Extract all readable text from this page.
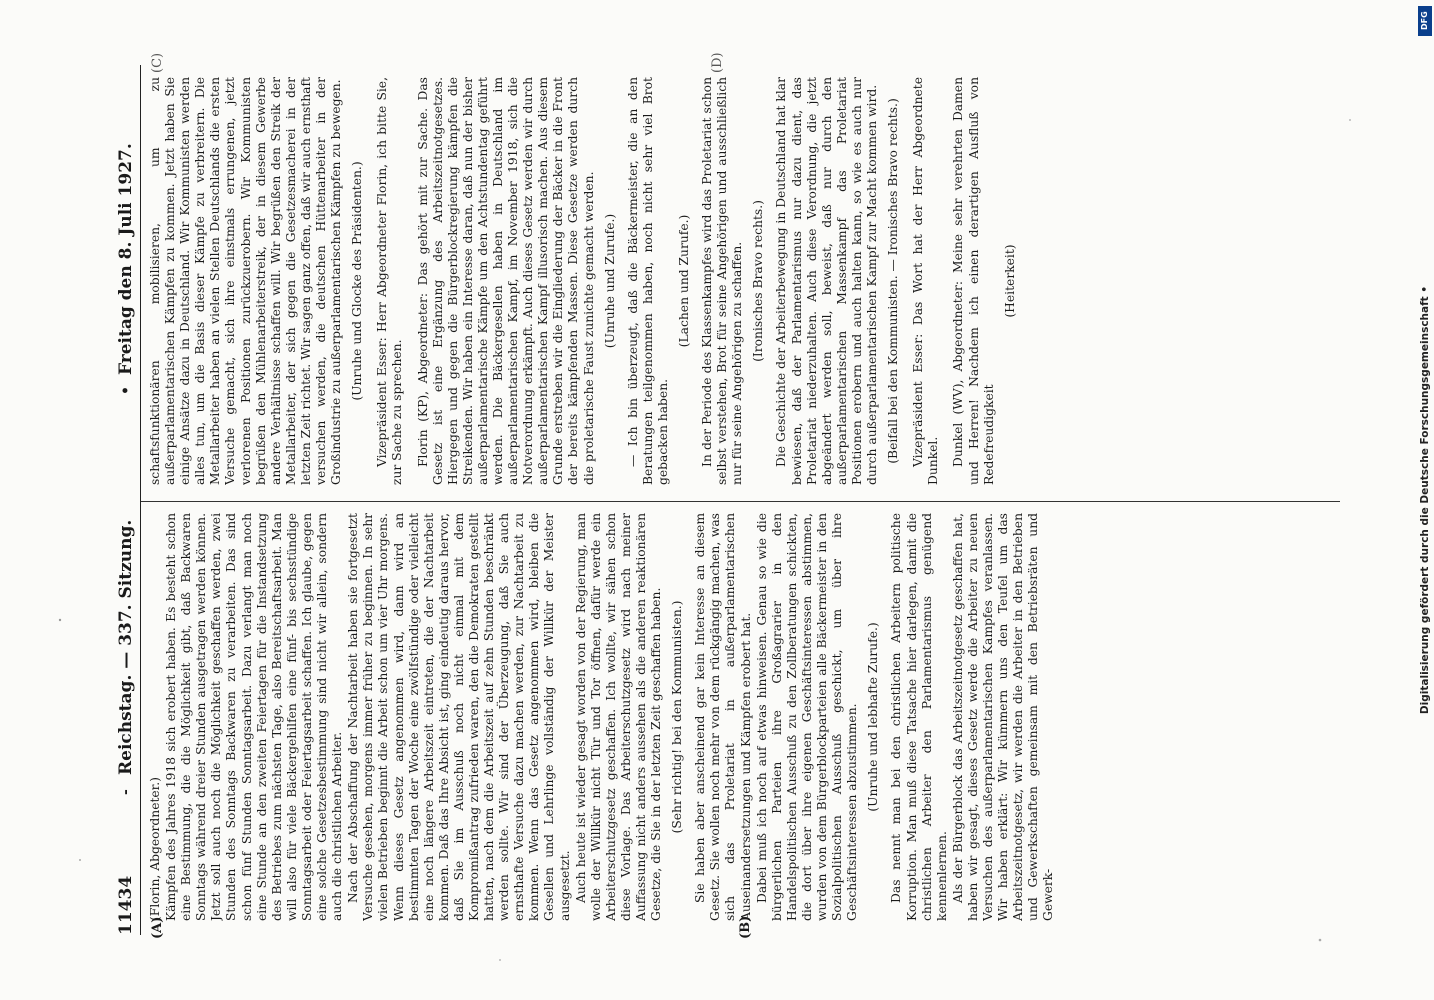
11434
-
Reichstag. — 337. Sitzung.
•
Freitag den 8. Juli 1927.
(A)	(B)
(C)	(D)

(Florin, Abgeordneter.) Kämpfen des Jahres 1918 sich erobert haben. Es besteht schon eine Bestimmung, die die Möglichkeit gibt, daß Backwaren Sonntags während dreier Stunden ausgetragen werden können. Jetzt soll auch noch die Möglichkeit geschaffen werden, zwei Stunden des Sonntags Backwaren zu verarbeiten. Das sind schon fünf Stunden Sonntagsarbeit. Dazu verlangt man noch eine Stunde an den zweiten Feiertagen für die Instandsetzung des Betriebes zum nächsten Tage, also Bereitschaftsarbeit. Man will also für viele Bäckergehilfen eine fünf- bis sechsstündige Sonntagsarbeit oder Feiertagsarbeit schaffen. Ich glaube, gegen eine solche Gesetzesbestimmung sind nicht wir allein, sondern auch die christlichen Arbeiter. Nach der Abschaffung der Nachtarbeit haben sie fortgesetzt Versuche gesehen, morgens immer früher zu beginnen. In sehr vielen Betrieben beginnt die Arbeit schon um vier Uhr morgens. Wenn dieses Gesetz angenommen wird, dann wird an bestimmten Tagen der Woche eine zwölfstündige oder vielleicht eine noch längere Arbeitszeit eintreten, die der Nachtarbeit kommen. Daß das Ihre Absicht ist, ging eindeutig daraus hervor, daß Sie im Ausschuß noch nicht einmal mit dem Kompromißantrag zufrieden waren, den die Demokraten gestellt hatten, nach dem die Arbeitszeit auf zehn Stunden beschränkt werden sollte. Wir sind der Überzeugung, daß Sie auch ernsthafte Versuche dazu machen werden, zur Nachtarbeit zu kommen. Wenn das Gesetz angenommen wird, bleiben die Gesellen und Lehrlinge vollständig der Willkür der Meister ausgesetzt. Auch heute ist wieder gesagt worden von der Regierung, man wolle der Willkür nicht Tür und Tor öffnen, dafür werde ein Arbeiterschutzgesetz geschaffen. Ich wollte, wir sähen schon diese Vorlage. Das Arbeiterschutzgesetz wird nach meiner Auffassung nicht anders aussehen als die anderen reaktionären Gesetze, die Sie in der letzten Zeit geschaffen haben. (Sehr richtig! bei den Kommunisten.) Sie haben aber anscheinend gar kein Interesse an diesem Gesetz. Sie wollen noch mehr von dem rückgängig machen, was sich das Proletariat in außerparlamentarischen Auseinandersetzungen und Kämpfen erobert hat. Dabei muß ich noch auf etwas hinweisen. Genau so wie die bürgerlichen Parteien ihre Großagrarier in den Handelspolitischen Ausschuß zu den Zollberatungen schickten, die dort über ihre eigenen Geschäftsinteressen abstimmen, wurden von dem Bürgerblockparteien alle Bäckermeister in den Sozialpolitischen Ausschuß geschickt, um über ihre Geschäftsinteressen abzustimmen. (Unruhe und lebhafte Zurufe.) Das nennt man bei den christlichen Arbeitern politische Korruption. Man muß diese Tatsache hier darlegen, damit die christlichen Arbeiter den Parlamentarismus genügend kennenlernen. Als der Bürgerblock das Arbeitszeitnotgesetz geschaffen hat, haben wir gesagt, dieses Gesetz werde die Arbeiter zu neuen Versuchen des außerparlamentarischen Kampfes veranlassen. Wir haben erklärt: Wir kümmern uns den Teufel um das Arbeitszeitnotgesetz, wir werden die Arbeiter in den Betrieben und Gewerkschaften gemeinsam mit den Betriebsräten und Gewerk-

schaftsfunktionären mobilisieren, um zu außerparlamentarischen Kämpfen zu kommen. Jetzt haben Sie einige Ansätze dazu in Deutschland. Wir Kommunisten werden alles tun, um die Basis dieser Kämpfe zu verbreitern. Die Metallarbeiter haben an vielen Stellen Deutschlands die ersten Versuche gemacht, sich ihre einstmals errungenen, jetzt verlorenen Positionen zurückzuerobern. Wir Kommunisten begrüßen den Mühlenarbeiterstreik, der in diesem Gewerbe andere Verhältnisse schaffen will. Wir begrüßen den Streik der Metallarbeiter, der sich gegen die Gesetzesmacherei in der letzten Zeit richtet. Wir sagen ganz offen, daß wir auch ernsthaft versuchen werden, die deutschen Hüttenarbeiter in der Großindustrie zu außerparlamentarischen Kämpfen zu bewegen. (Unruhe und Glocke des Präsidenten.) Vizepräsident Esser: Herr Abgeordneter Florin, ich bitte Sie, zur Sache zu sprechen. Florin (KP), Abgeordneter: Das gehört mit zur Sache. Das Gesetz ist eine Ergänzung des Arbeitszeitnotgesetzes. Hiergegen und gegen die Bürgerblockregierung kämpfen die Streikenden. Wir haben ein Interesse daran, daß nun der bisher außerparlamentarische Kämpfe um den Achtstundentag geführt werden. Die Bäckergesellen haben in Deutschland im außerparlamentarischen Kampf, im November 1918, sich die Notverordnung erkämpft. Auch dieses Gesetz werden wir durch außerparlamentarischen Kampf illusorisch machen. Aus diesem Grunde erstreben wir die Eingliederung der Bäcker in die Front der bereits kämpfenden Massen. Diese Gesetze werden durch die proletarische Faust zunichte gemacht werden. (Unruhe und Zurufe.) — Ich bin überzeugt, daß die Bäckermeister, die an den Beratungen teilgenommen haben, noch nicht sehr viel Brot gebacken haben.

(Lachen und Zurufe.) In der Periode des Klassenkampfes wird das Proletariat schon selbst verstehen, Brot für seine Angehörigen und ausschließlich nur für seine Angehörigen zu schaffen. (Ironisches Bravo rechts.) Die Geschichte der Arbeiterbewegung in Deutschland hat klar bewiesen, daß der Parlamentarismus nur dazu dient, das Proletariat niederzuhalten. Auch diese Verordnung, die jetzt abgeändert werden soll, beweist, daß nur durch den außerparlamentarischen Massenkampf das Proletariat Positionen erobern und auch halten kann, so wie es auch nur durch außerparlamentarischen Kampf zur Macht kommen wird. (Beifall bei den Kommunisten. — Ironisches Bravo rechts.) Vizepräsident Esser: Das Wort hat der Herr Abgeordnete Dunkel. Dunkel (WV), Abgeordneter: Meine sehr verehrten Damen und Herren! Nachdem ich einen derartigen Ausfluß von Redefreudigkeit

(Heiterkeit)

Digitalisierung gefördert durch die Deutsche Forschungsgemeinschaft •
DFG
